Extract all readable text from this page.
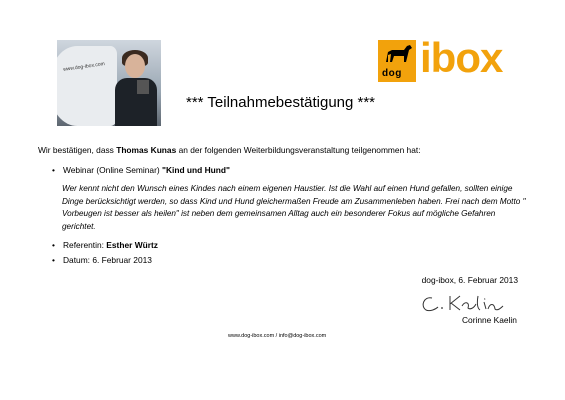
www.dog-ibox.com
dog ibox
*** Teilnahmebestätigung ***
Wir bestätigen, dass Thomas Kunas an der folgenden Weiterbildungsveranstaltung teilgenommen hat:
• Webinar (Online Seminar) "Kind und Hund"
Wer kennt nicht den Wunsch eines Kindes nach einem eigenen Haustier. Ist die Wahl auf einen Hund gefallen, sollten einige Dinge berücksichtigt werden, so dass Kind und Hund gleichermaßen Freude am Zusammenleben haben. Frei nach dem Motto " Vorbeugen ist besser als heilen" ist neben dem gemeinsamen Alltag auch ein besonderer Fokus auf mögliche Gefahren gerichtet.
• Referentin: Esther Würtz
• Datum: 6. Februar 2013
dog-ibox, 6. Februar 2013
Corinne Kaelin
www.dog-ibox.com / info@dog-ibox.com
